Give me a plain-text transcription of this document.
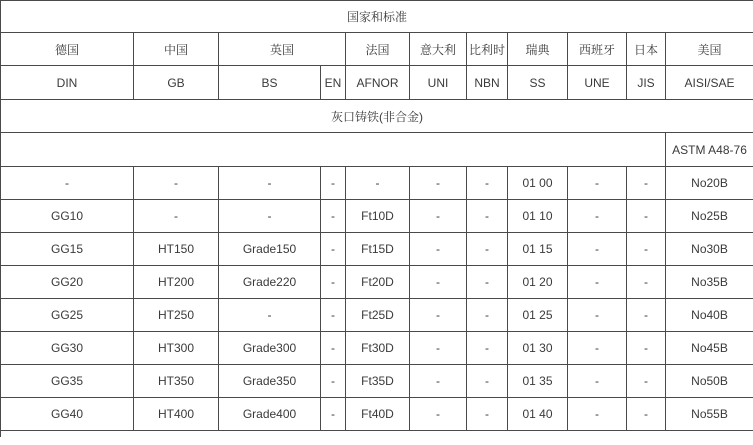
国家和标准										
德国	中国	英国		法国	意大利	比利时	瑞典	西班牙	日本	美国
DIN	GB	BS	EN	AFNOR	UNI	NBN	SS	UNE	JIS	AISI/SAE
灰口铸铁(非合金)										
										ASTM A48-76
-	-	-	-	-	-	-	01 00	-	-	No20B
GG10	-	-	-	Ft10D	-	-	01 10	-	-	No25B
GG15	HT150	Grade150	-	Ft15D	-	-	01 15	-	-	No30B
GG20	HT200	Grade220	-	Ft20D	-	-	01 20	-	-	No35B
GG25	HT250	-	-	Ft25D	-	-	01 25	-	-	No40B
GG30	HT300	Grade300	-	Ft30D	-	-	01 30	-	-	No45B
GG35	HT350	Grade350	-	Ft35D	-	-	01 35	-	-	No50B
GG40	HT400	Grade400	-	Ft40D	-	-	01 40	-	-	No55B
